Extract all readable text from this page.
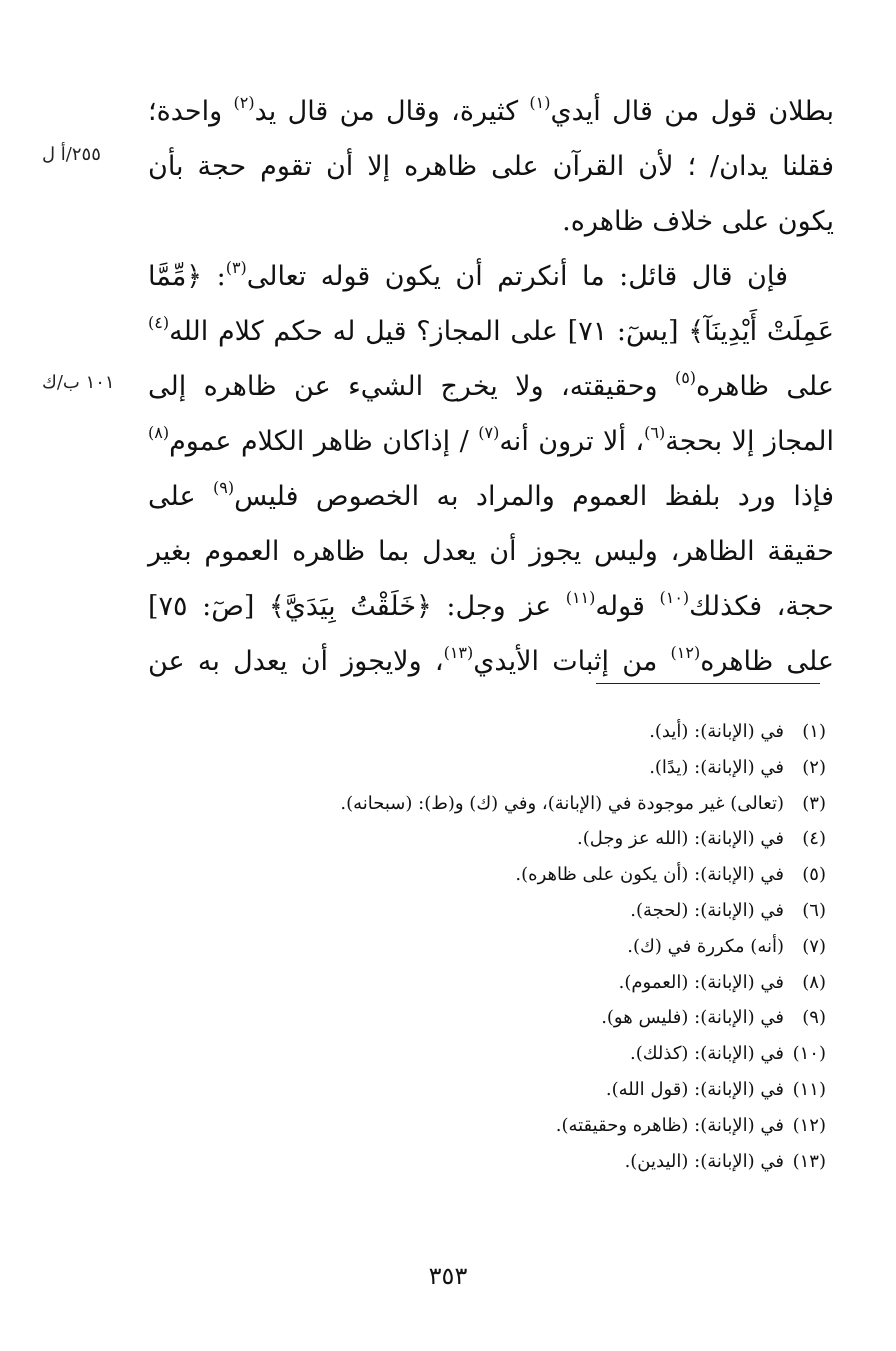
بطلان قول من قال أيدي$^{(١)}$ كثيرة، وقال من قال يد$^{(٢)}$ واحدة؛ فقلنا يدان/ ؛ لأن القرآن على ظاهره إلا أن تقوم حجة بأن يكون على خلاف ظاهره.

فإن قال قائل: ما أنكرتم أن يكون قوله تعالى$^{(٣)}$: ﴿مِّمَّا عَمِلَتْ أَيْدِينَآ﴾ [يسٓ: ٧١] على المجاز؟ قيل له حكم كلام الله$^{(٤)}$ على ظاهره$^{(٥)}$ وحقيقته، ولا يخرج الشيء عن ظاهره إلى المجاز إلا بحجة$^{(٦)}$، ألا ترون أنه$^{(٧)}$ / إذاكان ظاهر الكلام عموم$^{(٨)}$ فإذا ورد بلفظ العموم والمراد به الخصوص فليس$^{(٩)}$ على حقيقة الظاهر، وليس يجوز أن يعدل بما ظاهره العموم بغير حجة، فكذلك$^{(١٠)}$ قوله$^{(١١)}$ عز وجل: ﴿خَلَقْتُ بِيَدَيَّ﴾ [صٓ: ٧٥] على ظاهره$^{(١٢)}$ من إثبات الأيدي$^{(١٣)}$، ولايجوز أن يعدل به عن

٢٥٥/أ ل
١٠١ ب/ك
(١)في (الإبانة): (أيد).
(٢)في (الإبانة): (يدًا).
(٣)(تعالى) غير موجودة في (الإبانة)، وفي (ك) و(ط): (سبحانه).
(٤)في (الإبانة): (الله عز وجل).
(٥)في (الإبانة): (أن يكون على ظاهره).
(٦)في (الإبانة): (لحجة).
(٧)(أنه) مكررة في (ك).
(٨)في (الإبانة): (العموم).
(٩)في (الإبانة): (فليس هو).
(١٠)في (الإبانة): (كذلك).
(١١)في (الإبانة): (قول الله).
(١٢)في (الإبانة): (ظاهره وحقيقته).
(١٣)في (الإبانة): (اليدين).
٣٥٣
